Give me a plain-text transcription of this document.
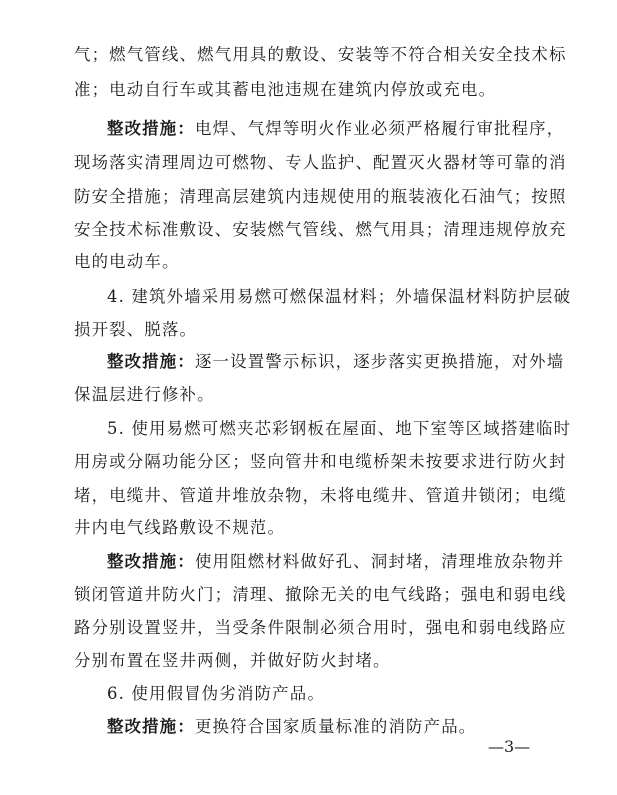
气；燃气管线、燃气用具的敷设、安装等不符合相关安全技术标
准；电动自行车或其蓄电池违规在建筑内停放或充电。
整改措施：电焊、气焊等明火作业必须严格履行审批程序，
现场落实清理周边可燃物、专人监护、配置灭火器材等可靠的消
防安全措施；清理高层建筑内违规使用的瓶装液化石油气；按照
安全技术标准敷设、安装燃气管线、燃气用具；清理违规停放充
电的电动车。
4. 建筑外墙采用易燃可燃保温材料；外墙保温材料防护层破
损开裂、脱落。
整改措施：逐一设置警示标识，逐步落实更换措施，对外墙
保温层进行修补。
5. 使用易燃可燃夹芯彩钢板在屋面、地下室等区域搭建临时
用房或分隔功能分区；竖向管井和电缆桥架未按要求进行防火封
堵，电缆井、管道井堆放杂物，未将电缆井、管道井锁闭；电缆
井内电气线路敷设不规范。
整改措施：使用阻燃材料做好孔、洞封堵，清理堆放杂物并
锁闭管道井防火门；清理、撤除无关的电气线路；强电和弱电线
路分别设置竖井，当受条件限制必须合用时，强电和弱电线路应
分别布置在竖井两侧，并做好防火封堵。
6. 使用假冒伪劣消防产品。
整改措施：更换符合国家质量标准的消防产品。
—3—
